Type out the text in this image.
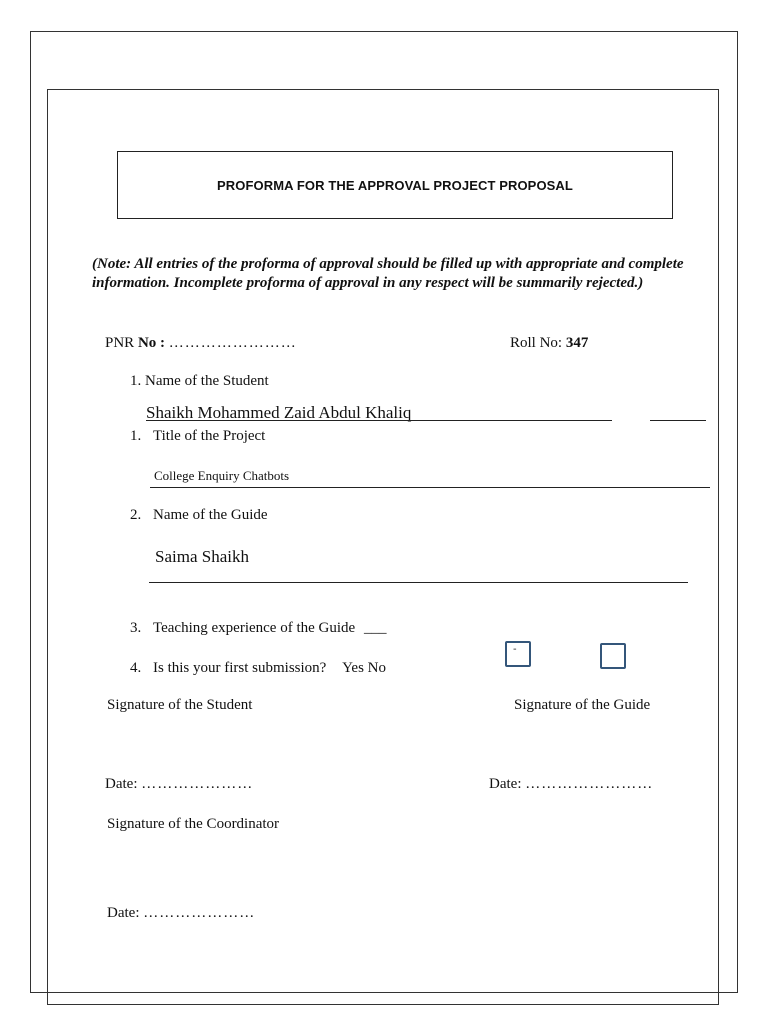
PROFORMA FOR THE APPROVAL PROJECT PROPOSAL
(Note: All entries of the proforma of approval should be filled up with appropriate and complete information. Incomplete proforma of approval in any respect will be summarily rejected.)
PNR No : ……………………	Roll No: 347
1. Name of the Student
Shaikh Mohammed Zaid Abdul Khaliq
1. Title of the Project
College Enquiry Chatbots
2. Name of the Guide
Saima Shaikh
3. Teaching experience of the Guide ___
4. Is this your first submission? Yes No
-
Signature of the Student	Signature of the Guide
Date: …………………	Date: ……………………
Signature of the Coordinator
Date: …………………
